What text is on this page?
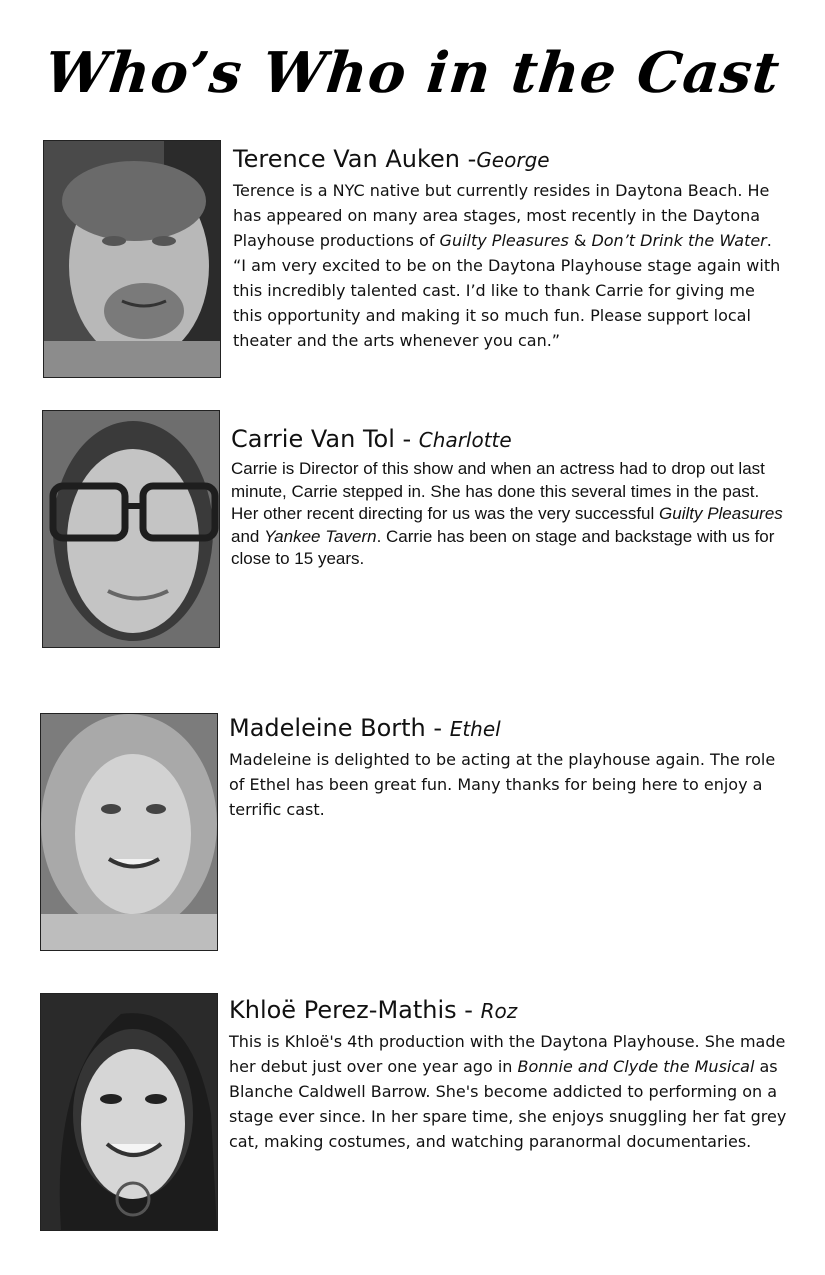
Who’s Who in the Cast
Terence Van Auken -George

Terence is a NYC native but currently resides in Daytona Beach. He has appeared on many area stages, most recently in the Daytona Playhouse productions of Guilty Pleasures & Don’t Drink the Water. “I am very excited to be on the Daytona Playhouse stage again with this incredibly talented cast. I’d like to thank Carrie for giving me this opportunity and making it so much fun. Please support local theater and the arts whenever you can.”

Carrie Van Tol - Charlotte

Carrie is Director of this show and when an actress had to drop out last minute, Carrie stepped in. She has done this several times in the past. Her other recent directing for us was the very successful Guilty Pleasures and Yankee Tavern. Carrie has been on stage and backstage with us for close to 15 years.

Madeleine Borth - Ethel

Madeleine is delighted to be acting at the playhouse again. The role of Ethel has been great fun. Many thanks for being here to enjoy a terrific cast.

Khloë Perez-Mathis - Roz

This is Khloë's 4th production with the Daytona Playhouse. She made her debut just over one year ago in Bonnie and Clyde the Musical as Blanche Caldwell Barrow. She's become addicted to performing on a stage ever since. In her spare time, she enjoys snuggling her fat grey cat, making costumes, and watching paranormal documentaries.
